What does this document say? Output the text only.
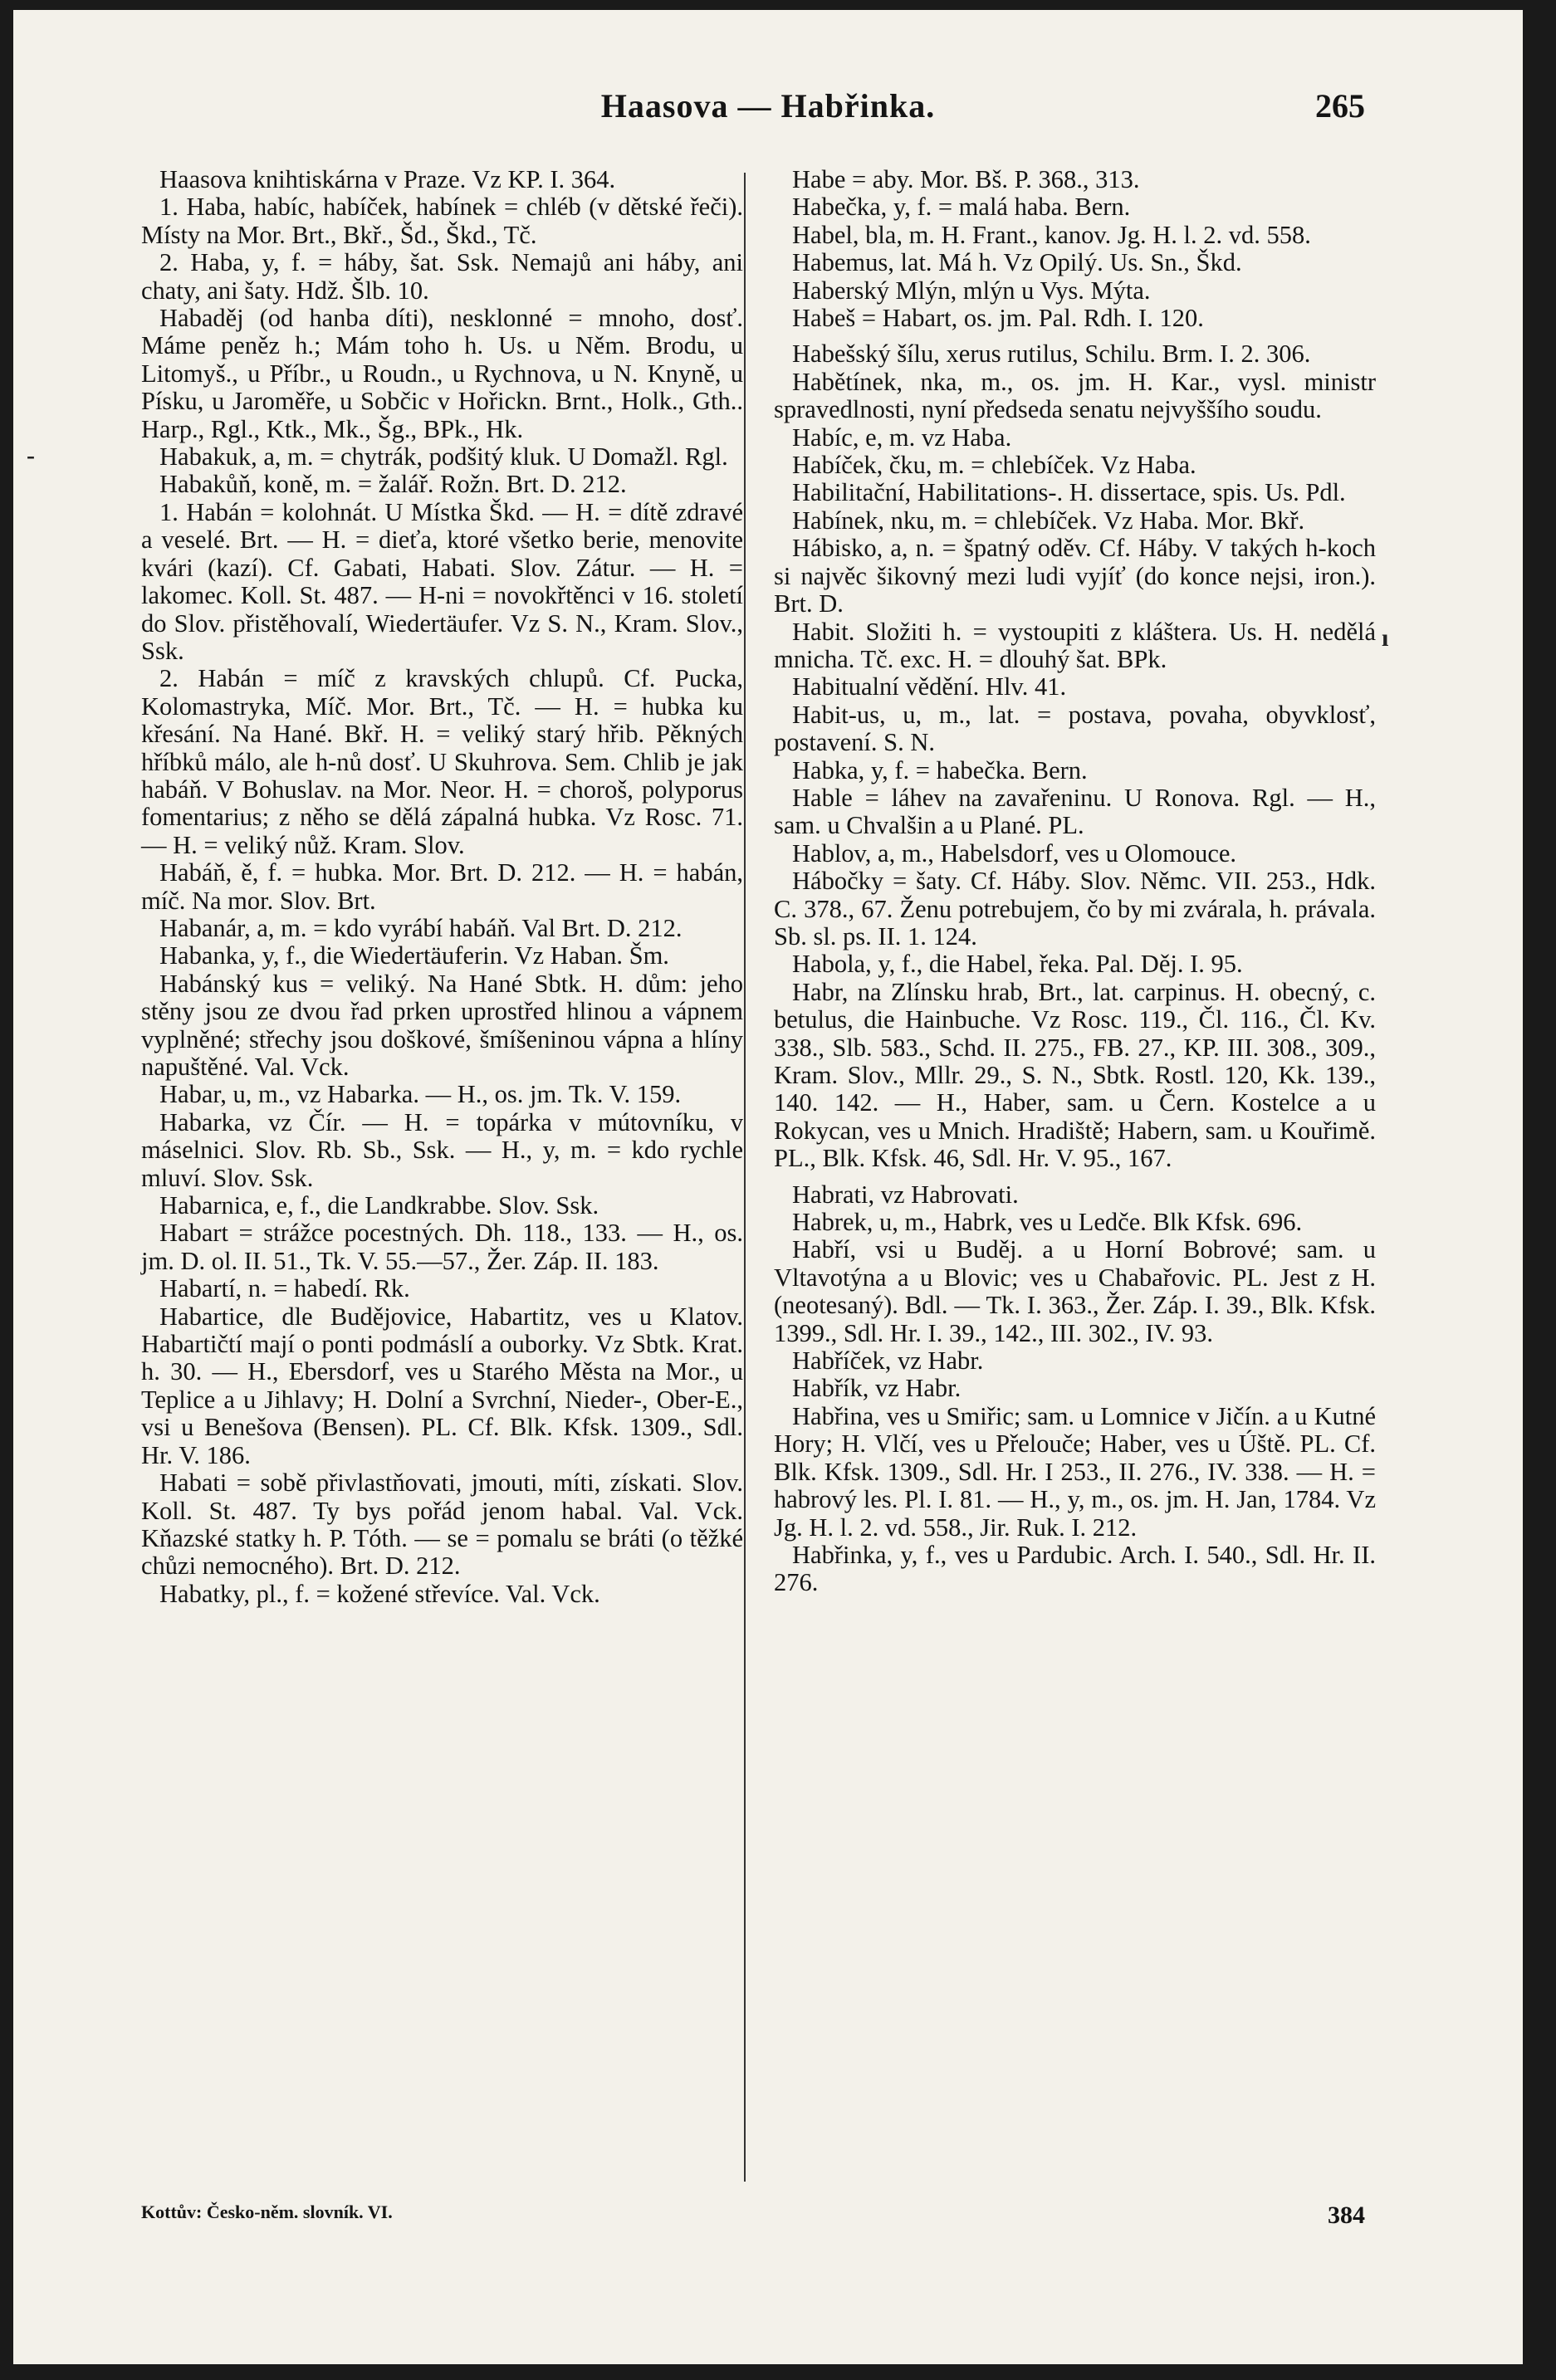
Haasova — Habřinka.	265

Haasova knihtiskárna v Praze. Vz KP. I. 364.

1. Haba, habíc, habíček, habínek = chléb (v dětské řeči). Místy na Mor. Brt., Bkř., Šd., Škd., Tč.

2. Haba, y, f. = háby, šat. Ssk. Nemajů ani háby, ani chaty, ani šaty. Hdž. Šlb. 10.

Habaděj (od hanba díti), nesklonné = mnoho, dosť. Máme peněz h.; Mám toho h. Us. u Něm. Brodu, u Litomyš., u Příbr., u Roudn., u Rychnova, u N. Knyně, u Písku, u Jaroměře, u Sobčic v Hořickn. Brnt., Holk., Gth.. Harp., Rgl., Ktk., Mk., Šg., BPk., Hk.

Habakuk, a, m. = chytrák, podšitý kluk. U Domažl. Rgl.

Habakůň, koně, m. = žalář. Rožn. Brt. D. 212.

1. Habán = kolohnát. U Místka Škd. — H. = dítě zdravé a veselé. Brt. — H. = dieťa, ktoré všetko berie, menovite kvári (kazí). Cf. Gabati, Habati. Slov. Zátur. — H. = lakomec. Koll. St. 487. — H-ni = novokřtěnci v 16. století do Slov. přistěhovalí, Wiedertäufer. Vz S. N., Kram. Slov., Ssk.

2. Habán = míč z kravských chlupů. Cf. Pucka, Kolomastryka, Míč. Mor. Brt., Tč. — H. = hubka ku křesání. Na Hané. Bkř. H. = veliký starý hřib. Pěkných hříbků málo, ale h-nů dosť. U Skuhrova. Sem. Chlib je jak habáň. V Bohuslav. na Mor. Neor. H. = choroš, polyporus fomentarius; z něho se dělá zápalná hubka. Vz Rosc. 71. — H. = veliký nůž. Kram. Slov.

Habáň, ě, f. = hubka. Mor. Brt. D. 212. — H. = habán, míč. Na mor. Slov. Brt.

Habanár, a, m. = kdo vyrábí habáň. Val Brt. D. 212.

Habanka, y, f., die Wiedertäuferin. Vz Haban. Šm.

Habánský kus = veliký. Na Hané Sbtk. H. dům: jeho stěny jsou ze dvou řad prken uprostřed hlinou a vápnem vyplněné; střechy jsou doškové, šmíšeninou vápna a hlíny napuštěné. Val. Vck.

Habar, u, m., vz Habarka. — H., os. jm. Tk. V. 159.

Habarka, vz Čír. — H. = topárka v mútovníku, v máselnici. Slov. Rb. Sb., Ssk. — H., y, m. = kdo rychle mluví. Slov. Ssk.

Habarnica, e, f., die Landkrabbe. Slov. Ssk.

Habart = strážce pocestných. Dh. 118., 133. — H., os. jm. D. ol. II. 51., Tk. V. 55.—57., Žer. Záp. II. 183.

Habartí, n. = habedí. Rk.

Habartice, dle Budějovice, Habartitz, ves u Klatov. Habartičtí mají o ponti podmáslí a ouborky. Vz Sbtk. Krat. h. 30. — H., Ebersdorf, ves u Starého Města na Mor., u Teplice a u Jihlavy; H. Dolní a Svrchní, Nieder-, Ober-E., vsi u Benešova (Bensen). PL. Cf. Blk. Kfsk. 1309., Sdl. Hr. V. 186.

Habati = sobě přivlastňovati, jmouti, míti, získati. Slov. Koll. St. 487. Ty bys pořád jenom habal. Val. Vck. Kňazské statky h. P. Tóth. — se = pomalu se bráti (o těžké chůzi nemocného). Brt. D. 212.

Habatky, pl., f. = kožené střevíce. Val. Vck.

Habe = aby. Mor. Bš. P. 368., 313.

Habečka, y, f. = malá haba. Bern.

Habel, bla, m. H. Frant., kanov. Jg. H. l. 2. vd. 558.

Habemus, lat. Má h. Vz Opilý. Us. Sn., Škd.

Haberský Mlýn, mlýn u Vys. Mýta.

Habeš = Habart, os. jm. Pal. Rdh. I. 120.

Habešský šílu, xerus rutilus, Schilu. Brm. I. 2. 306.

Habětínek, nka, m., os. jm. H. Kar., vysl. ministr spravedlnosti, nyní předseda senatu nejvyššího soudu.

Habíc, e, m. vz Haba.

Habíček, čku, m. = chlebíček. Vz Haba.

Habilitační, Habilitations-. H. dissertace, spis. Us. Pdl.

Habínek, nku, m. = chlebíček. Vz Haba. Mor. Bkř.

Hábisko, a, n. = špatný oděv. Cf. Háby. V takých h-koch si najvěc šikovný mezi ludi vyjíť (do konce nejsi, iron.). Brt. D.

Habit. Složiti h. = vystoupiti z kláštera. Us. H. nedělá mnicha. Tč. exc. H. = dlouhý šat. BPk.

Habitualní vědění. Hlv. 41.

Habit-us, u, m., lat. = postava, povaha, obyvklosť, postavení. S. N.

Habka, y, f. = habečka. Bern.

Hable = láhev na zavařeninu. U Ronova. Rgl. — H., sam. u Chvalšin a u Plané. PL.

Hablov, a, m., Habelsdorf, ves u Olomouce.

Hábočky = šaty. Cf. Háby. Slov. Němc. VII. 253., Hdk. C. 378., 67. Ženu potrebujem, čo by mi zvárala, h. právala. Sb. sl. ps. II. 1. 124.

Habola, y, f., die Habel, řeka. Pal. Děj. I. 95.

Habr, na Zlínsku hrab, Brt., lat. carpinus. H. obecný, c. betulus, die Hainbuche. Vz Rosc. 119., Čl. 116., Čl. Kv. 338., Slb. 583., Schd. II. 275., FB. 27., KP. III. 308., 309., Kram. Slov., Mllr. 29., S. N., Sbtk. Rostl. 120, Kk. 139., 140. 142. — H., Haber, sam. u Čern. Kostelce a u Rokycan, ves u Mnich. Hradiště; Habern, sam. u Kouřimě. PL., Blk. Kfsk. 46, Sdl. Hr. V. 95., 167.

Habrati, vz Habrovati.

Habrek, u, m., Habrk, ves u Ledče. Blk Kfsk. 696.

Habří, vsi u Buděj. a u Horní Bobrové; sam. u Vltavotýna a u Blovic; ves u Chabařovic. PL. Jest z H. (neotesaný). Bdl. — Tk. I. 363., Žer. Záp. I. 39., Blk. Kfsk. 1399., Sdl. Hr. I. 39., 142., III. 302., IV. 93.

Habříček, vz Habr.

Habřík, vz Habr.

Habřina, ves u Smiřic; sam. u Lomnice v Jičín. a u Kutné Hory; H. Vlčí, ves u Přelouče; Haber, ves u Úště. PL. Cf. Blk. Kfsk. 1309., Sdl. Hr. I 253., II. 276., IV. 338. — H. = habrový les. Pl. I. 81. — H., y, m., os. jm. H. Jan, 1784. Vz Jg. H. l. 2. vd. 558., Jir. Ruk. I. 212.

Habřinka, y, f., ves u Pardubic. Arch. I. 540., Sdl. Hr. II. 276.

-
ı
Kottův: Česko-něm. slovník. VI.	384
